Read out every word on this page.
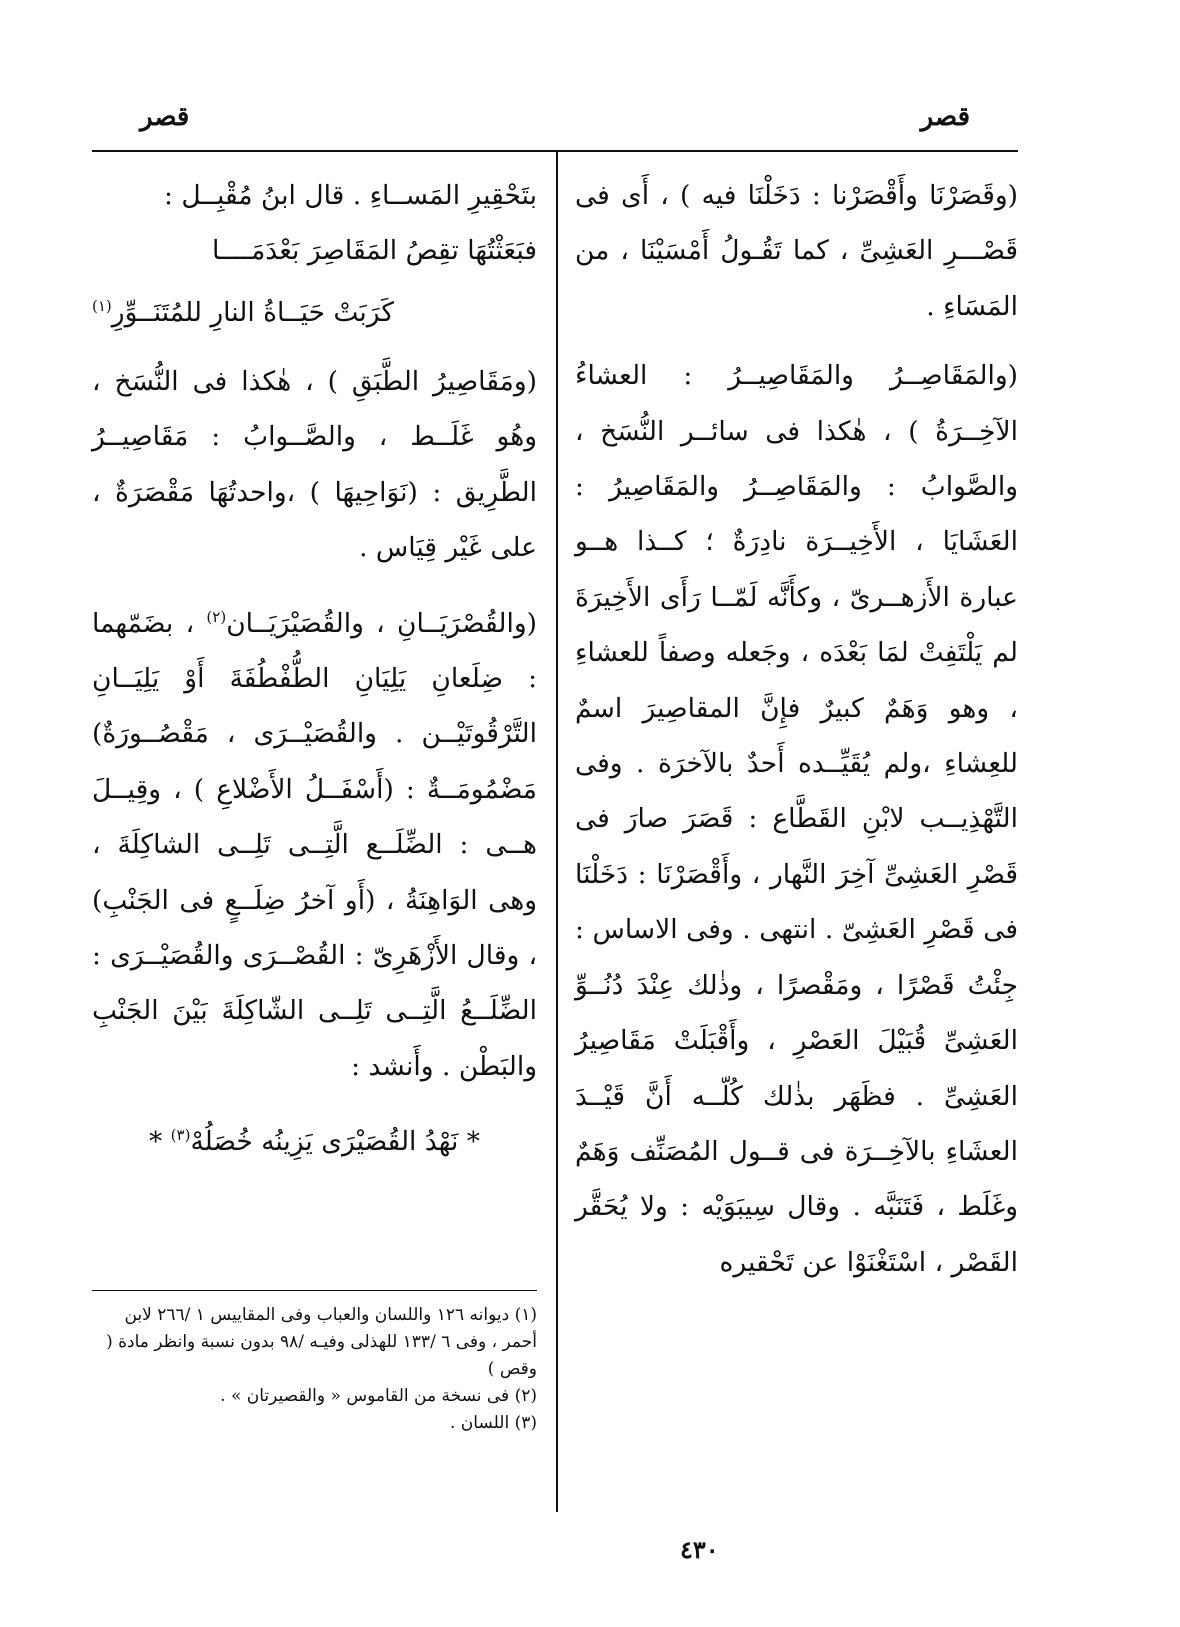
قصر	قصر

(وقَصَرْنَا وأَقْصَرْنا : دَخَلْنَا فيه ) ، أَى فى قَصْـــرِ العَشِىِّ ، كما تَقُـولُ أَمْسَيْنَا ، من المَسَاءِ .

(والمَقَاصِــرُ والمَقَاصِيــرُ : العشاءُ الآخِــرَةُ ) ، هٰكذا فى سائــر النُّسَخ ، والصَّوابُ : والمَقَاصِــرُ والمَقَاصِيرُ : العَشَايَا ، الأَخِيــرَة نادِرَةٌ ؛ كــذا هــو عبارة الأَزهــرىّ ، وكأَنَّه لَمّــا رَأَى الأَخِيرَةَ لم يَلْتَفِتْ لمَا بَعْدَه ، وجَعله وصفاً للعشاءِ ، وهو وَهَمٌ كبيرٌ فإِنَّ المقاصِيرَ اسمٌ للعِشاءِ ،ولم يُقَيِّــده أَحدٌ بالآخرَة . وفى التَّهْذِيــب لابْنِ القَطَّاع : قَصَرَ صارَ فى قَصْرِ العَشِىِّ آخِرَ النَّهار ، وأَقْصَرْنَا : دَخَلْنَا فى قَصْرِ العَشِىّ . انتهى . وفى الاساس : جِئْتُ قَصْرًا ، ومَقْصرًا ، وذٰلك عِنْدَ دُنُــوِّ العَشِىِّ قُبَيْلَ العَصْرِ ، وأَقْبَلَتْ مَقَاصِيرُ العَشِىِّ . فظَهَر بذٰلك كُلّــه أَنَّ قَيْــدَ العشَاءِ بالآخِــرَة فى قــول المُصَنِّف وَهَمٌ وغَلَط ، فَتَنَبَّه . وقال سِيبَوَيْه : ولا يُحَقَّر القَصْر ، اسْتَغْنَوْا عن تَحْقيره

بتَحْقِيرِ المَســاءِ . قال ابنُ مُقْبِــل :

فبَعَثْتُهَا تقِصُ المَقَاصِرَ بَعْدَمَــــا
كَرَبَتْ حَيَــاةُ النارِ للمُتَنَــوِّرِ$^{(١)}$

(ومَقَاصِيرُ الطَّبَقِ ) ، هٰكذا فى النُّسَخ ، وهُو غَلَــط ، والصَّــوابُ : مَقَاصِيــرُ الطَّرِيق : (نَوَاحِيهَا ) ،واحدتُهَا مَقْصَرَةٌ ، على غَيْر قِيَاس .

(والقُصْرَيَــانِ ، والقُصَيْرَيَــان$^{(٢)}$ ، بضَمّهما : ضِلَعانِ يَلِيَانِ الطُّفْطُفَةَ أَوْ يَلِيَــانِ التَّرْقُوتَيْــن . والقُصَيْــرَى ، مَقْصُــورَةٌ) مَضْمُومَــةٌ : (أَسْفَــلُ الأَضْلاعِ ) ، وقِيــلَ هــى : الضِّلَــع الَّتِــى تَلِــى الشاكِلَةَ ، وهى الوَاهِنَةُ ، (أَو آخرُ ضِلَــعٍ فى الجَنْبِ) ، وقال الأَزْهَرِىّ : القُصْــرَى والقُصَيْــرَى : الضِّلَــعُ الَّتِــى تَلِــى الشّاكِلَةَ بَيْنَ الجَنْبِ والبَطْن . وأَنشد :

* نَهْدُ القُصَيْرَى يَزِينُه خُصَلُهْ$^{(٣)}$ *
(١) ديوانه ١٢٦ واللسان والعباب وفى المقاييس ١ /٢٦٦ لابن أحمر ، وفى ٦ /١٣٣ للهذلى وفيـه /٩٨ بدون نسبة وانظر مادة ( وقص )
(٢) فى نسخة من القاموس « والقصيرتان » .
(٣) اللسان .
٤٣٠
